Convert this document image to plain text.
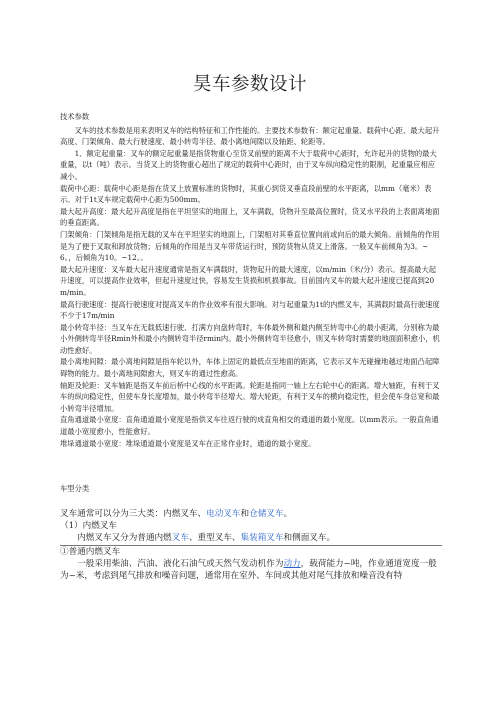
昊车参数设计

技术参数

叉车的技术参数是用来表明叉车的结构特征和工作性能的。主要技术参数有：额定起重量、载荷中心距、最大起升高度、门架倾角、最大行驶速度、最小转弯半径、最小离地间隙以及轴距、轮距等。

1、额定起重量：叉车的额定起重量是指货物重心至货叉前壁的距离不大于载荷中心距时，允许起升的货物的最大重量，以t（吨）表示。当货叉上的货物重心超出了规定的载荷中心距时，由于叉车纵向稳定性的限制，起重量应相应减小。

载荷中心距：载荷中心距是指在货叉上放置标准的货物时，其重心到货叉垂直段前壁的水平距离，以mm（毫米）表示。对于1t叉车规定载荷中心距为500mm。

最大起升高度：最大起升高度是指在平坦坚实的地面上，叉车满载，货物升至最高位置时，货叉水平段的上表面离地面的垂直距离。

门架倾角：门架倾角是指无载的叉车在平坦坚实的地面上，门架相对其垂直位置向前或向后的最大倾角。前倾角的作用是为了便于叉取和卸放货物；后倾角的作用是当叉车带货运行时，预防货物从货叉上滑落。一般叉车前倾角为3。~6。，后倾角为10。~12。。

最大起升速度：叉车最大起升速度通常是指叉车满载时，货物起升的最大速度，以m/min（米/分）表示。提高最大起升速度，可以提高作业效率，但起升速度过快，容易发生货损和机损事故。目前国内叉车的最大起升速度已提高到20m/min。

最高行驶速度：提高行驶速度对提高叉车的作业效率有很大影响。对与起重量为1t的内燃叉车，其满载时最高行驶速度不少于17m/min

最小转弯半径：当叉车在无载低速行驶、打满方向盘转弯时，车体最外侧和最内侧至转弯中心的最小距离，分别称为最小外侧转弯半径Rmin外和最小内侧转弯半径rmin内。最小外侧转弯半径愈小，则叉车转弯时需要的地面面积愈小，机动性愈好。

最小离地间隙：最小离地间隙是指车轮以外，车体上固定的最低点至地面的距离，它表示叉车无碰撞地越过地面凸起障碍物的能力。最小离地间隙愈大，则叉车的通过性愈高。

轴距及轮距：叉车轴距是指叉车前后桥中心线的水平距离。轮距是指同一轴上左右轮中心的距离。增大轴距，有利于叉车的纵向稳定性，但使车身长度增加，最小转弯半径增大。增大轮距，有利于叉车的横向稳定性，但会使车身总宽和最小转弯半径增加。

直角通道最小宽度：直角通道最小宽度是指供叉车往返行驶的成直角相交的通道的最小宽度。以mm表示。一般直角通道最小宽度愈小，性能愈好。

堆垛通道最小宽度：堆垛通道最小宽度是叉车在正常作业时，通道的最小宽度。

车型分类

叉车通常可以分为三大类：内燃叉车、电动叉车和仓储叉车。

（1）内燃叉车

内燃叉车又分为普通内燃叉车、重型叉车、集装箱叉车和侧面叉车。

①普通内燃叉车

一般采用柴油、汽油、液化石油气或天然气发动机作为动力，载荷能力~吨，作业通道宽度一般为~米，考虑到尾气排放和噪音问题，通常用在室外、车间或其他对尾气排放和噪音没有特
